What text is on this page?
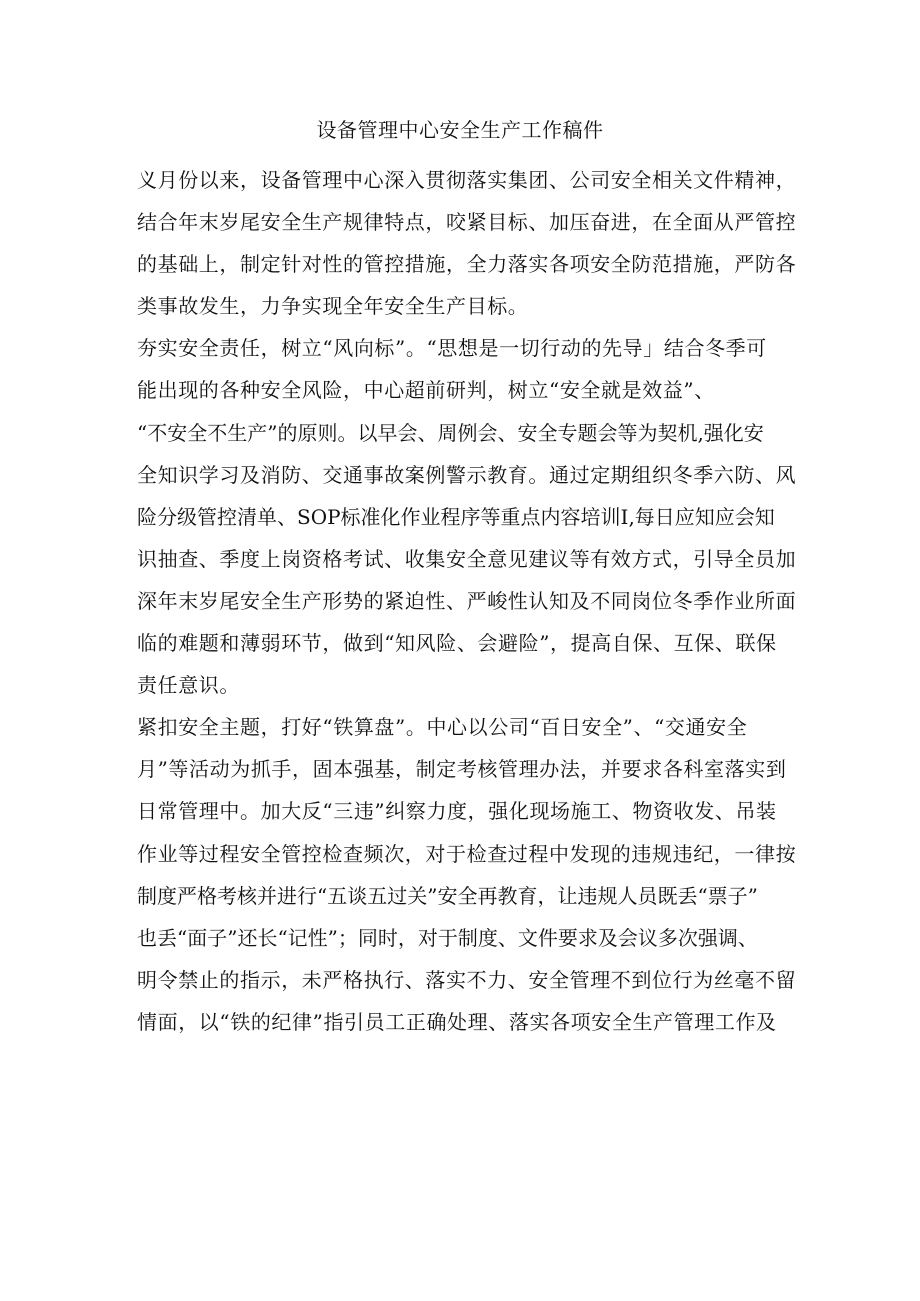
设备管理中心安全生产工作稿件
义月份以来，设备管理中心深入贯彻落实集团、公司安全相关文件精神，
结合年末岁尾安全生产规律特点，咬紧目标、加压奋进，在全面从严管控
的基础上，制定针对性的管控措施，全力落实各项安全防范措施，严防各
类事故发生，力争实现全年安全生产目标。
夯实安全责任，树立“风向标”。“思想是一切行动的先导」结合冬季可
能出现的各种安全风险，中心超前研判，树立“安全就是效益”、
“不安全不生产”的原则。以早会、周例会、安全专题会等为契机,强化安
全知识学习及消防、交通事故案例警示教育。通过定期组织冬季六防、风
险分级管控清单、SOP标准化作业程序等重点内容培训I,每日应知应会知
识抽查、季度上岗资格考试、收集安全意见建议等有效方式，引导全员加
深年末岁尾安全生产形势的紧迫性、严峻性认知及不同岗位冬季作业所面
临的难题和薄弱环节，做到“知风险、会避险”，提高自保、互保、联保
责任意识。
紧扣安全主题，打好“铁算盘”。中心以公司“百日安全”、“交通安全
月”等活动为抓手，固本强基，制定考核管理办法，并要求各科室落实到
日常管理中。加大反“三违”纠察力度，强化现场施工、物资收发、吊装
作业等过程安全管控检查频次，对于检查过程中发现的违规违纪，一律按
制度严格考核并进行“五谈五过关”安全再教育，让违规人员既丢“票子”
也丢“面子”还长“记性”；同时，对于制度、文件要求及会议多次强调、
明令禁止的指示，未严格执行、落实不力、安全管理不到位行为丝毫不留
情面，以“铁的纪律”指引员工正确处理、落实各项安全生产管理工作及
